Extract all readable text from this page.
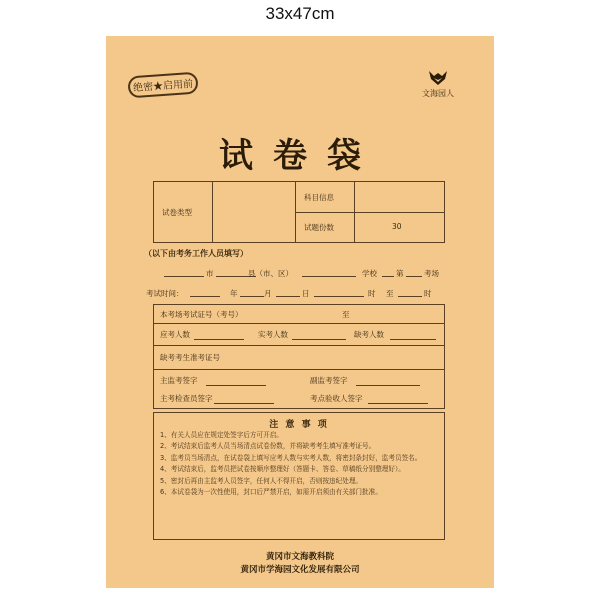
33x47cm
绝密★启用前	文海园人
试卷袋
试卷类型
科目信息
试题份数	30
（以下由考务工作人员填写）
市	县（市、区）	学校	第	考场
考试时间：	年	月	日	时 至	时
本考场考试证号（考号）	至
应考人数	实考人数	缺考人数
缺考考生准考证号
主监考签字	副监考签字
主考检查员签字	考点验收人签字
注 意 事 项
1、有关人员应在规定处签字后方可开启。
2、考试结束后监考人员当场清点试卷份数，并将缺考考生填写准考证号。
3、监考员当场清点，在试卷袋上填写应考人数与实考人数，将密封条封好，监考员签名。
4、考试结束后，监考员把试卷按顺序整理好（答题卡、答卷、草稿纸分别整理好）。
5、密封后再由主监考人员签字，任何人不得开启，否则按违纪处理。
6、本试卷袋为一次性使用，封口后严禁开启，如需开启须由有关部门批准。
黄冈市文海教科院
黄冈市学海园文化发展有限公司
